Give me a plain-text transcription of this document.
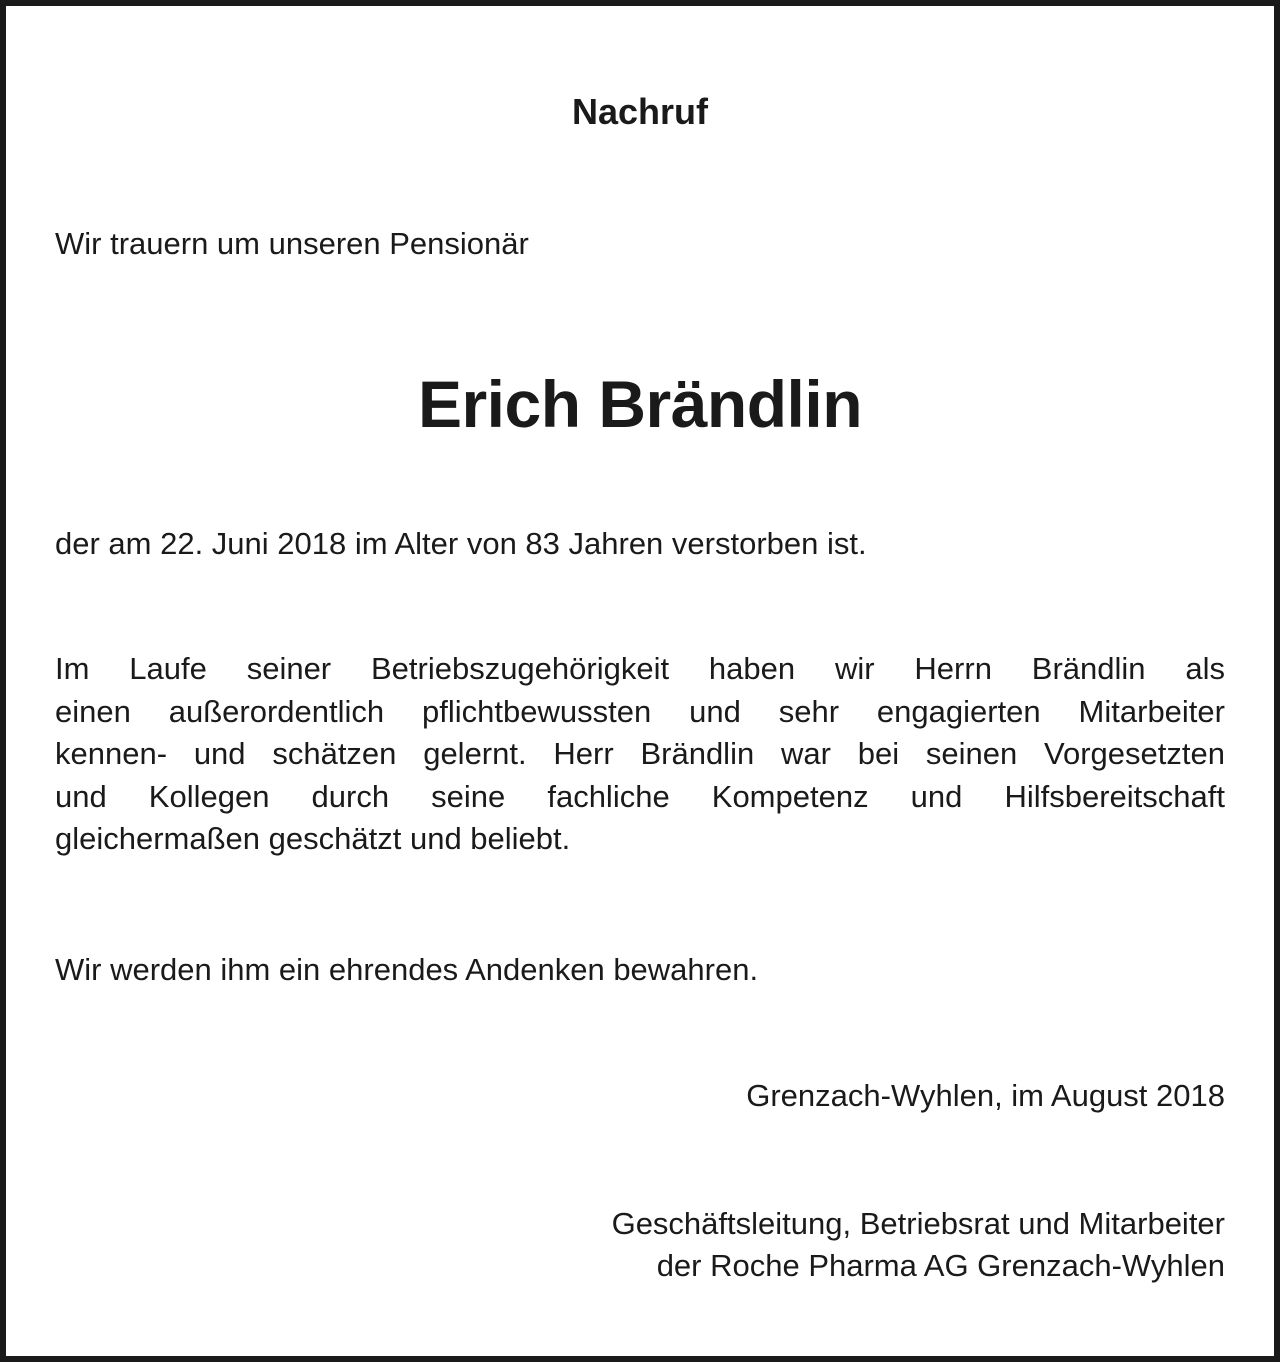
Nachruf

Wir trauern um unseren Pensionär

Erich Brändlin

der am 22. Juni 2018 im Alter von 83 Jahren verstorben ist.

Im Laufe seiner Betriebszugehörigkeit haben wir Herrn Brändlin als
einen außerordentlich pflichtbewussten und sehr engagierten Mitarbeiter
kennen- und schätzen gelernt. Herr Brändlin war bei seinen Vorgesetzten
und Kollegen durch seine fachliche Kompetenz und Hilfsbereitschaft
gleichermaßen geschätzt und beliebt.

Wir werden ihm ein ehrendes Andenken bewahren.

Grenzach-Wyhlen, im August 2018

Geschäftsleitung, Betriebsrat und Mitarbeiter

der Roche Pharma AG Grenzach-Wyhlen
